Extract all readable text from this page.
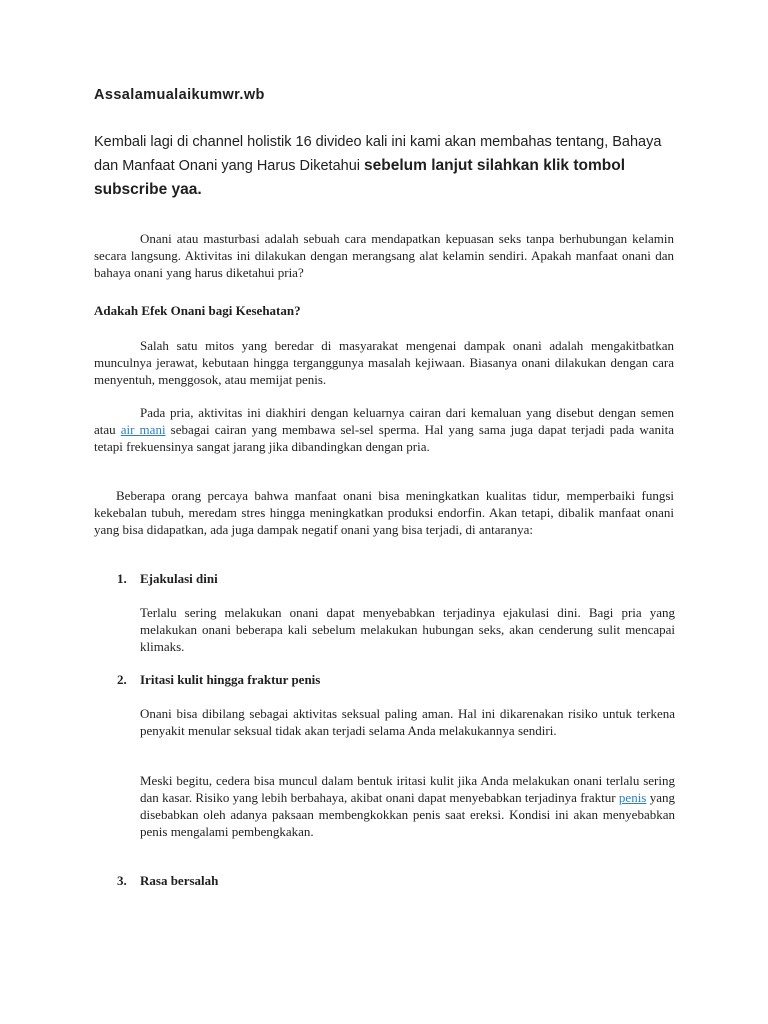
Assalamualaikumwr.wb

Kembali lagi di channel holistik 16 divideo kali ini kami akan membahas tentang, Bahaya dan Manfaat Onani yang Harus Diketahui sebelum lanjut silahkan klik tombol subscribe yaa.

Onani atau masturbasi adalah sebuah cara mendapatkan kepuasan seks tanpa berhubungan kelamin secara langsung. Aktivitas ini dilakukan dengan merangsang alat kelamin sendiri. Apakah manfaat onani dan bahaya onani yang harus diketahui pria?

Adakah Efek Onani bagi Kesehatan?

Salah satu mitos yang beredar di masyarakat mengenai dampak onani adalah mengakitbatkan munculnya jerawat, kebutaan hingga terganggunya masalah kejiwaan. Biasanya onani dilakukan dengan cara menyentuh, menggosok, atau memijat penis.

Pada pria, aktivitas ini diakhiri dengan keluarnya cairan dari kemaluan yang disebut dengan semen atau air mani sebagai cairan yang membawa sel-sel sperma. Hal yang sama juga dapat terjadi pada wanita tetapi frekuensinya sangat jarang jika dibandingkan dengan pria.

Beberapa orang percaya bahwa manfaat onani bisa meningkatkan kualitas tidur, memperbaiki fungsi kekebalan tubuh, meredam stres hingga meningkatkan produksi endorfin. Akan tetapi, dibalik manfaat onani yang bisa didapatkan, ada juga dampak negatif onani yang bisa terjadi, di antaranya:

1. Ejakulasi dini

Terlalu sering melakukan onani dapat menyebabkan terjadinya ejakulasi dini. Bagi pria yang melakukan onani beberapa kali sebelum melakukan hubungan seks, akan cenderung sulit mencapai klimaks.

2. Iritasi kulit hingga fraktur penis

Onani bisa dibilang sebagai aktivitas seksual paling aman. Hal ini dikarenakan risiko untuk terkena penyakit menular seksual tidak akan terjadi selama Anda melakukannya sendiri.

Meski begitu, cedera bisa muncul dalam bentuk iritasi kulit jika Anda melakukan onani terlalu sering dan kasar. Risiko yang lebih berbahaya, akibat onani dapat menyebabkan terjadinya fraktur penis yang disebabkan oleh adanya paksaan membengkokkan penis saat ereksi. Kondisi ini akan menyebabkan penis mengalami pembengkakan.

3. Rasa bersalah
